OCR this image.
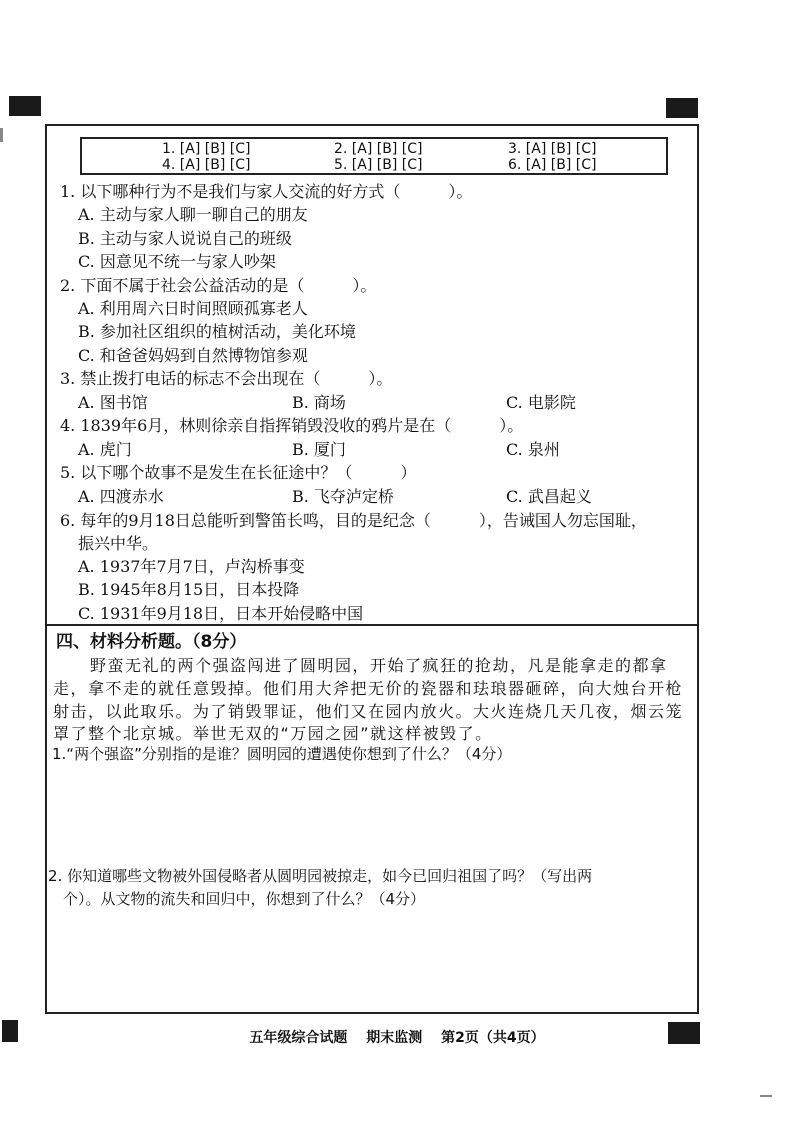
1. [A] [B] [C]	2. [A] [B] [C]	3. [A] [B] [C]
4. [A] [B] [C]	5. [A] [B] [C]	6. [A] [B] [C]
1. 以下哪种行为不是我们与家人交流的好方式（　　　）。
A. 主动与家人聊一聊自己的朋友
B. 主动与家人说说自己的班级
C. 因意见不统一与家人吵架
2. 下面不属于社会公益活动的是（　　　）。
A. 利用周六日时间照顾孤寡老人
B. 参加社区组织的植树活动，美化环境
C. 和爸爸妈妈到自然博物馆参观
3. 禁止拨打电话的标志不会出现在（　　　）。
A. 图书馆	B. 商场	C. 电影院
4. 1839年6月，林则徐亲自指挥销毁没收的鸦片是在（　　　）。
A. 虎门	B. 厦门	C. 泉州
5. 以下哪个故事不是发生在长征途中？（　　　）
A. 四渡赤水	B. 飞夺泸定桥	C. 武昌起义
6. 每年的9月18日总能听到警笛长鸣，目的是纪念（　　　），告诫国人勿忘国耻，
振兴中华。
A. 1937年7月7日，卢沟桥事变
B. 1945年8月15日，日本投降
C. 1931年9月18日，日本开始侵略中国
四、材料分析题。（8分）
野蛮无礼的两个强盗闯进了圆明园，开始了疯狂的抢劫，凡是能拿走的都拿
走，拿不走的就任意毁掉。他们用大斧把无价的瓷器和珐琅器砸碎，向大烛台开枪
射击，以此取乐。为了销毁罪证，他们又在园内放火。大火连烧几天几夜，烟云笼
罩了整个北京城。举世无双的“万园之园”就这样被毁了。
1.“两个强盗”分别指的是谁？圆明园的遭遇使你想到了什么？（4分）
2. 你知道哪些文物被外国侵略者从圆明园被掠走，如今已回归祖国了吗？（写出两
个）。从文物的流失和回归中，你想到了什么？（4分）
五年级综合试题 期末监测 第2页（共4页）
